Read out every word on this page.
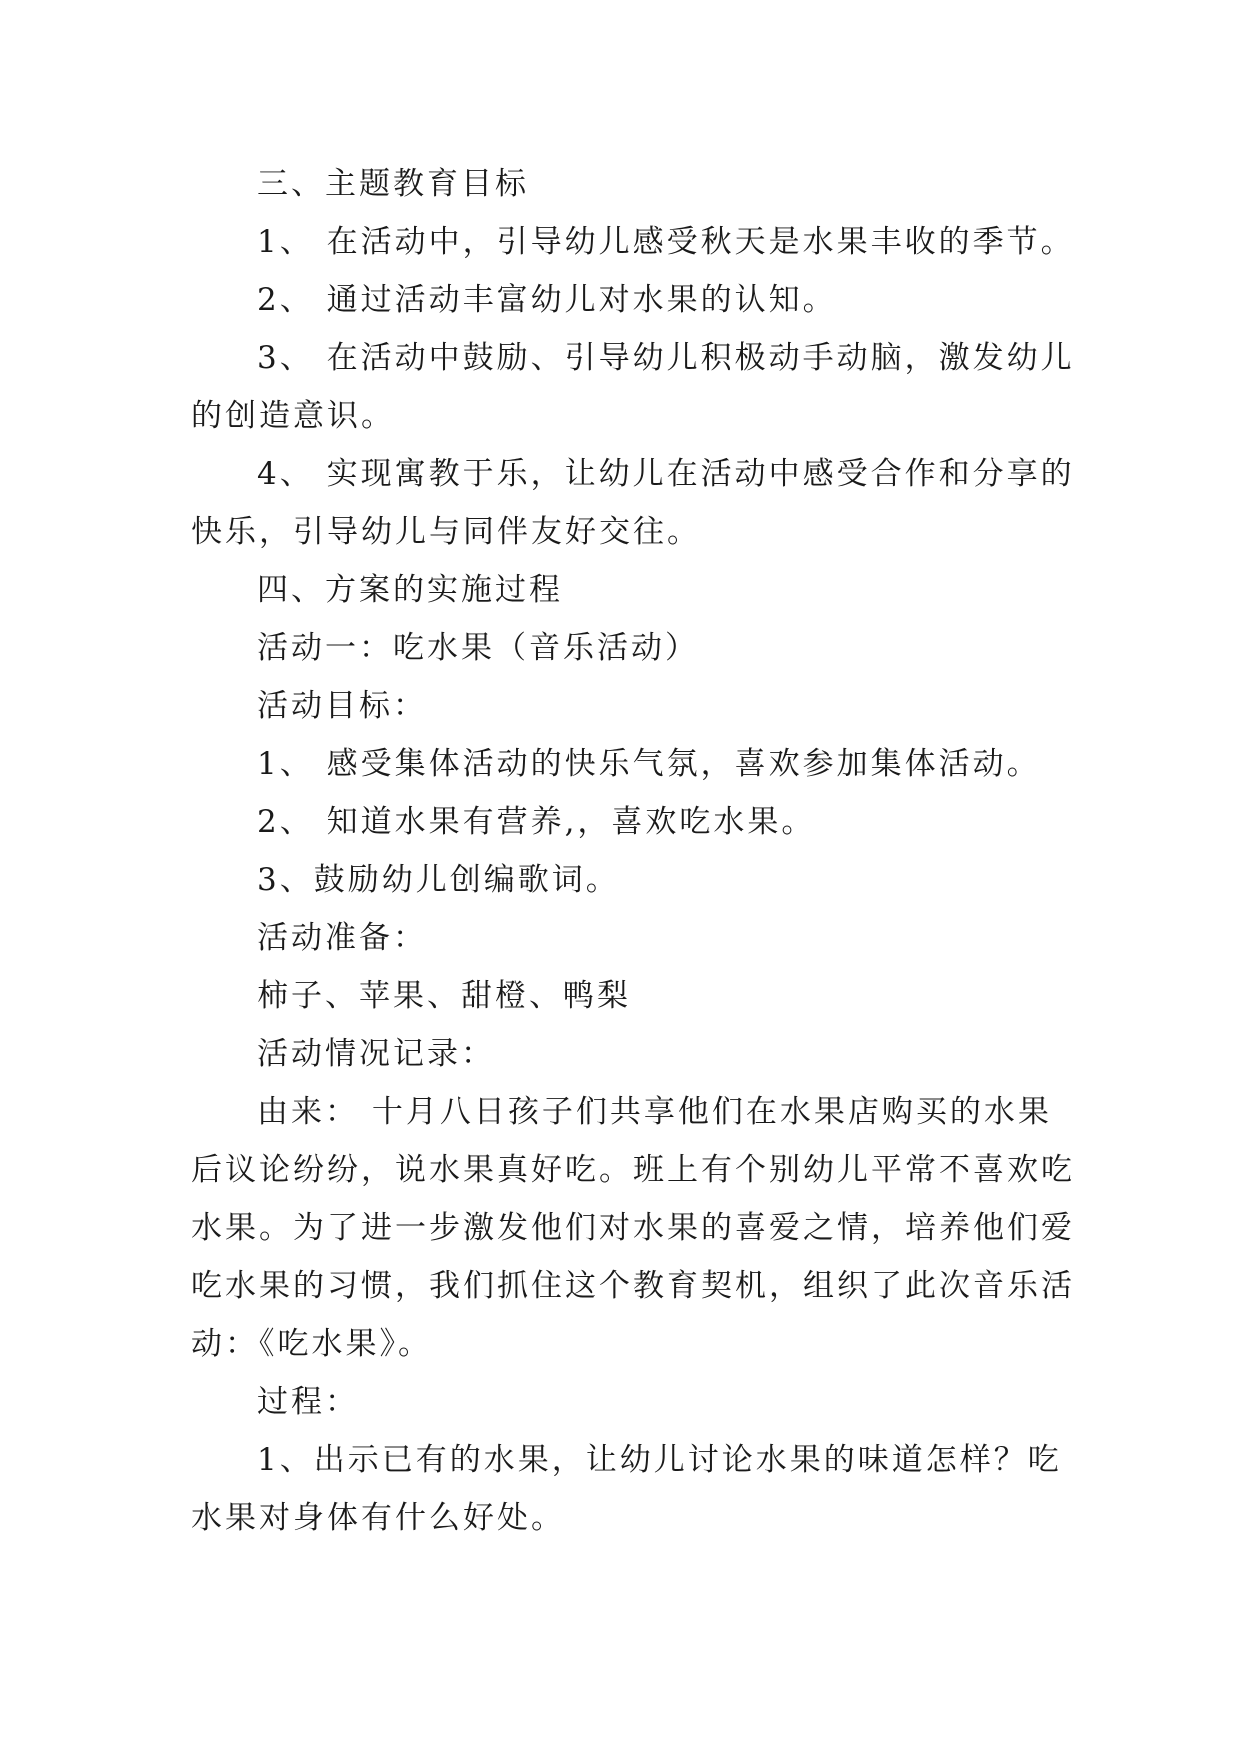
三、主题教育目标

1、 在活动中，引导幼儿感受秋天是水果丰收的季节。

2、 通过活动丰富幼儿对水果的认知。

3、 在活动中鼓励、引导幼儿积极动手动脑，激发幼儿

的创造意识。

4、 实现寓教于乐，让幼儿在活动中感受合作和分享的

快乐，引导幼儿与同伴友好交往。

四、方案的实施过程

活动一：吃水果（音乐活动）

活动目标：

1、 感受集体活动的快乐气氛，喜欢参加集体活动。

2、 知道水果有营养,，喜欢吃水果。

3、鼓励幼儿创编歌词。

活动准备：

柿子、苹果、甜橙、鸭梨

活动情况记录：

由来： 十月八日孩子们共享他们在水果店购买的水果

后议论纷纷，说水果真好吃。班上有个别幼儿平常不喜欢吃

水果。为了进一步激发他们对水果的喜爱之情，培养他们爱

吃水果的习惯，我们抓住这个教育契机，组织了此次音乐活

动：《吃水果》。

过程：

1、出示已有的水果，让幼儿讨论水果的味道怎样？吃

水果对身体有什么好处。
